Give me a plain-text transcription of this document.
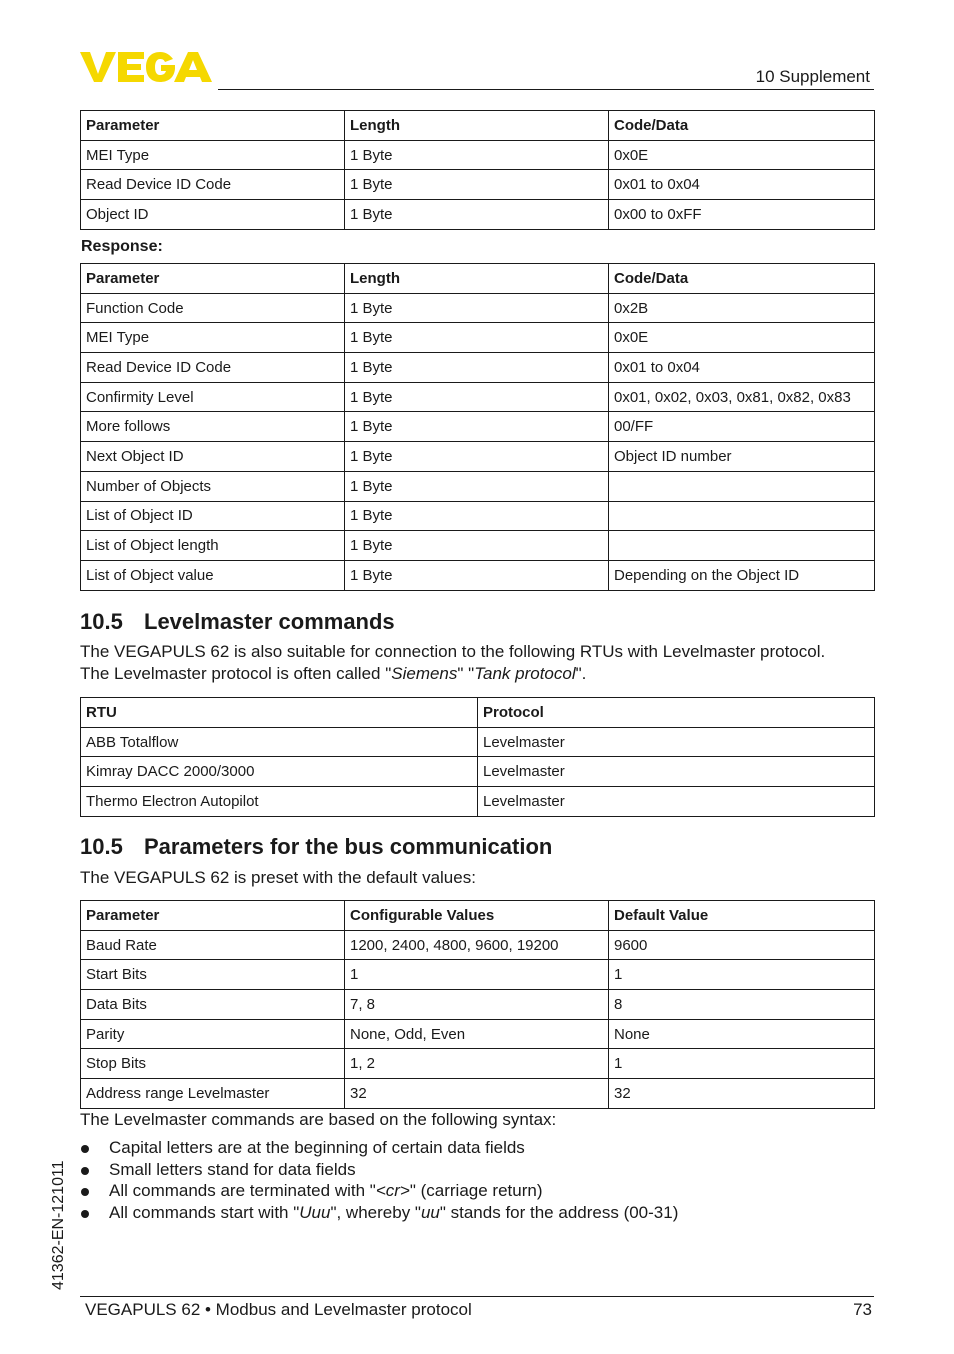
10 Supplement
Parameter	Length	Code/Data
MEI Type	1 Byte	0x0E
Read Device ID Code	1 Byte	0x01 to 0x04
Object ID	1 Byte	0x00 to 0xFF
Response:
Parameter	Length	Code/Data
Function Code	1 Byte	0x2B
MEI Type	1 Byte	0x0E
Read Device ID Code	1 Byte	0x01 to 0x04
Confirmity Level	1 Byte	0x01, 0x02, 0x03, 0x81, 0x82, 0x83
More follows	1 Byte	00/FF
Next Object ID	1 Byte	Object ID number
Number of Objects	1 Byte	
List of Object ID	1 Byte	
List of Object length	1 Byte	
List of Object value	1 Byte	Depending on the Object ID
10.5 Levelmaster commands
The VEGAPULS 62 is also suitable for connection to the following RTUs with Levelmaster protocol.
The Levelmaster protocol is often called "Siemens" "Tank protocol".
RTU	Protocol
ABB Totalflow	Levelmaster
Kimray DACC 2000/3000	Levelmaster
Thermo Electron Autopilot	Levelmaster
10.5 Parameters for the bus communication
The VEGAPULS 62 is preset with the default values:
Parameter	Configurable Values	Default Value
Baud Rate	1200, 2400, 4800, 9600, 19200	9600
Start Bits	1	1
Data Bits	7, 8	8
Parity	None, Odd, Even	None
Stop Bits	1, 2	1
Address range Levelmaster	32	32
The Levelmaster commands are based on the following syntax:
Capital letters are at the beginning of certain data fields
Small letters stand for data fields
All commands are terminated with "<cr>" (carriage return)
All commands start with "Uuu", whereby "uu" stands for the address (00-31)
41362-EN-121011
VEGAPULS 62 • Modbus and Levelmaster protocol	73
